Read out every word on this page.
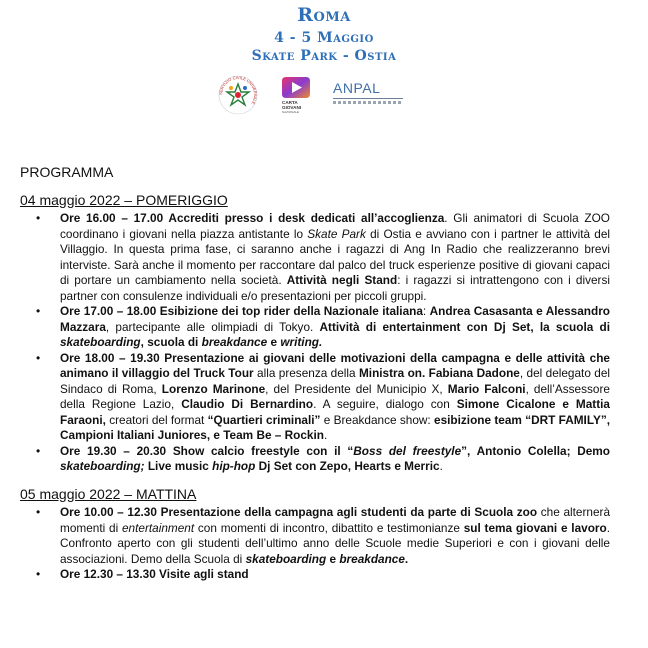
Roma
4 - 5 Maggio
Skate Park - Ostia
SERVIZIO CIVILE UNIVERSALE	CARTA
GIOVANI
NAZIONALE
ANPAL
PROGRAMMA
04 maggio 2022 – POMERIGGIO
• Ore 16.00 – 17.00 Accrediti presso i desk dedicati all’accoglienza. Gli animatori di Scuola ZOO coordinano i giovani nella piazza antistante lo Skate Park di Ostia e avviano con i partner le attività del Villaggio. In questa prima fase, ci saranno anche i ragazzi di Ang In Radio che realizzeranno brevi interviste. Sarà anche il momento per raccontare dal palco del truck esperienze positive di giovani capaci di portare un cambiamento nella società. Attività negli Stand: i ragazzi si intrattengono con i diversi partner con consulenze individuali e/o presentazioni per piccoli gruppi.
• Ore 17.00 – 18.00 Esibizione dei top rider della Nazionale italiana: Andrea Casasanta e Alessandro Mazzara, partecipante alle olimpiadi di Tokyo. Attività di entertainment con Dj Set, la scuola di skateboarding, scuola di breakdance e writing.
• Ore 18.00 – 19.30 Presentazione ai giovani delle motivazioni della campagna e delle attività che animano il villaggio del Truck Tour alla presenza della Ministra on. Fabiana Dadone, del delegato del Sindaco di Roma, Lorenzo Marinone, del Presidente del Municipio X, Mario Falconi, dell’Assessore della Regione Lazio, Claudio Di Bernardino. A seguire, dialogo con Simone Cicalone e Mattia Faraoni, creatori del format “Quartieri criminali” e Breakdance show: esibizione team “DRT FAMILY”, Campioni Italiani Juniores, e Team Be – Rockin.
• Ore 19.30 – 20.30 Show calcio freestyle con il “Boss del freestyle”, Antonio Colella; Demo skateboarding; Live music hip-hop Dj Set con Zepo, Hearts e Merric.
05 maggio 2022 – MATTINA
• Ore 10.00 – 12.30 Presentazione della campagna agli studenti da parte di Scuola zoo che alternerà momenti di entertainment con momenti di incontro, dibattito e testimonianze sul tema giovani e lavoro. Confronto aperto con gli studenti dell’ultimo anno delle Scuole medie Superiori e con i giovani delle associazioni. Demo della Scuola di skateboarding e breakdance.
• Ore 12.30 – 13.30 Visite agli stand
